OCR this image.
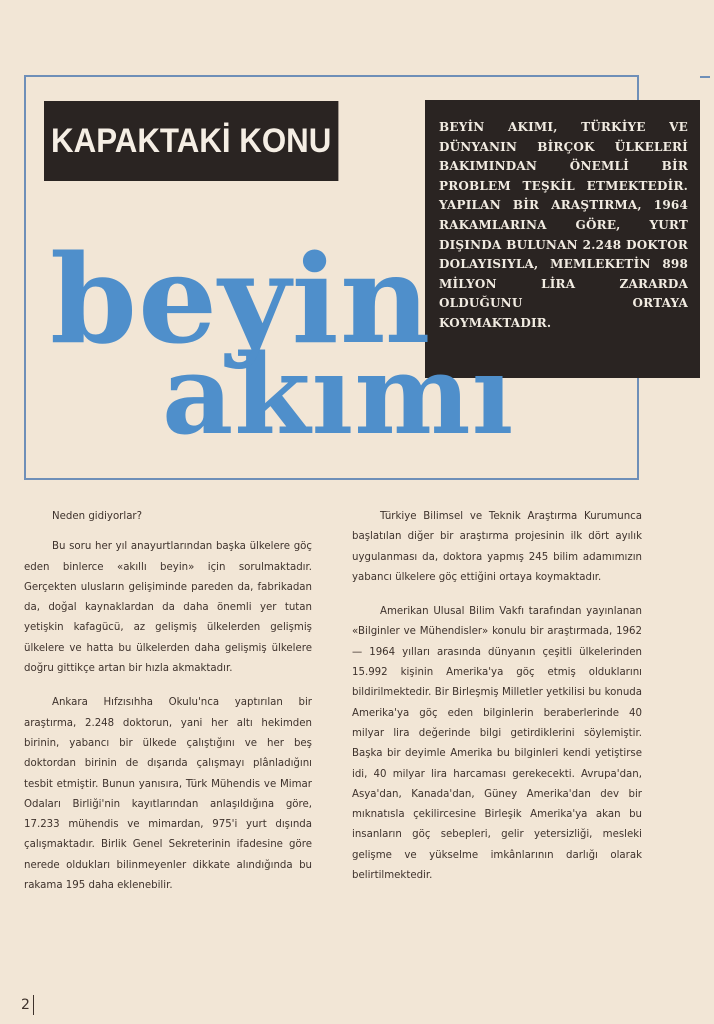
KAPAKTAKİ KONU	BEYİN AKIMI, TÜRKİYE VE DÜNYANIN BİRÇOK ÜLKELERİ BAKIMINDAN ÖNEMLİ BİR PROBLEM TEŞKİL ETMEKTEDİR. YAPILAN BİR ARAŞTIRMA, 1964 RAKAMLARINA GÖRE, YURT DIŞINDA BULUNAN 2.248 DOKTOR DOLAYISIYLA, MEMLEKETİN 898 MİLYON LİRA ZARARDA OLDUĞUNU ORTAYA KOYMAKTADIR.
beyin
akımı

Neden gidiyorlar?

Bu soru her yıl anayurtlarından başka ülkelere göç eden binlerce «akıllı beyin» için sorulmaktadır. Gerçekten ulusların gelişiminde pareden da, fabrikadan da, doğal kaynaklardan da daha önemli yer tutan yetişkin kafagücü, az gelişmiş ülkelerden gelişmiş ülkelere ve hatta bu ülkelerden daha gelişmiş ülkelere doğru gittikçe artan bir hızla akmaktadır.

Ankara Hıfzısıhha Okulu'nca yaptırılan bir araştırma, 2.248 doktorun, yani her altı hekimden birinin, yabancı bir ülkede çalıştığını ve her beş doktordan birinin de dışarıda çalışmayı plânladığını tesbit etmiştir. Bunun yanısıra, Türk Mühendis ve Mimar Odaları Birliği'nin kayıtlarından anlaşıldığına göre, 17.233 mühendis ve mimardan, 975'i yurt dışında çalışmaktadır. Birlik Genel Sekreterinin ifadesine göre nerede oldukları bilinmeyenler dikkate alındığında bu rakama 195 daha eklenebilir.

Türkiye Bilimsel ve Teknik Araştırma Kurumunca başlatılan diğer bir araştırma projesinin ilk dört ayılık uygulanması da, doktora yapmış 245 bilim adamımızın yabancı ülkelere göç ettiğini ortaya koymaktadır.

Amerikan Ulusal Bilim Vakfı tarafından yayınlanan «Bilginler ve Mühendisler» konulu bir araştırmada, 1962 — 1964 yılları arasında dünyanın çeşitli ülkelerinden 15.992 kişinin Amerika'ya göç etmiş olduklarını bildirilmektedir. Bir Birleşmiş Milletler yetkilisi bu konuda Amerika'ya göç eden bilginlerin beraberlerinde 40 milyar lira değerinde bilgi getirdiklerini söylemiştir. Başka bir deyimle Amerika bu bilginleri kendi yetiştirse idi, 40 milyar lira harcaması gerekecekti. Avrupa'dan, Asya'dan, Kanada'dan, Güney Amerika'dan dev bir mıknatısla çekilircesine Birleşik Amerika'ya akan bu insanların göç sebepleri, gelir yetersizliği, mesleki gelişme ve yükselme imkânlarının darlığı olarak belirtilmektedir.

2
